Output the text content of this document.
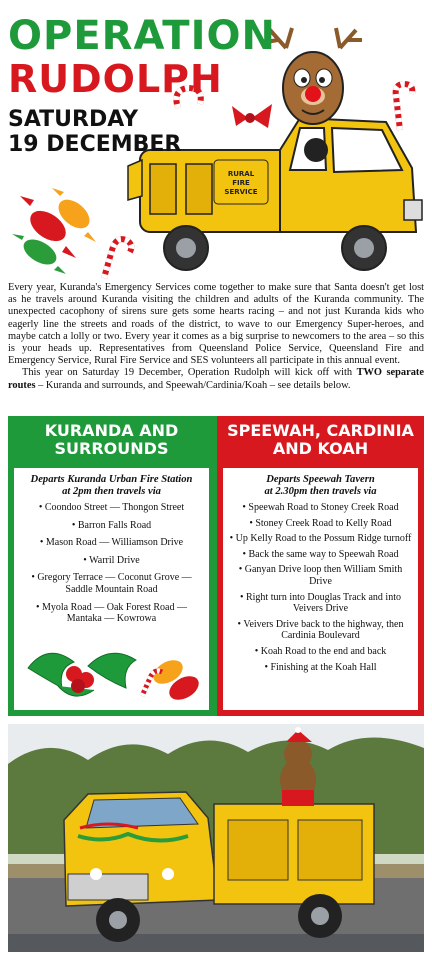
RURAL FIRE SERVICE
OPERATION
RUDOLPH
SATURDAY
19 DECEMBER

Every year, Kuranda's Emergency Services come together to make sure that Santa doesn't get lost as he travels around Kuranda visiting the children and adults of the Kuranda community. The unexpected cacophony of sirens sure gets some hearts racing – and not just Kuranda kids who eagerly line the streets and roads of the district, to wave to our Emergency Super-heroes, and maybe catch a lolly or two. Every year it comes as a big surprise to newcomers to the area – so this is your heads up. Representatives from Queensland Police Service, Queensland Fire and Emergency Service, Rural Fire Service and SES volunteers all participate in this annual event.

This year on Saturday 19 December, Operation Rudolph will kick off with TWO separate routes – Kuranda and surrounds, and Speewah/Cardinia/Koah – see details below.

KURANDA AND
SURROUNDS
Departs Kuranda Urban Fire Station
at 2pm then travels via
• Coondoo Street — Thongon Street
• Barron Falls Road
• Mason Road — Williamson Drive
• Warril Drive
• Gregory Terrace — Coconut Grove — Saddle Mountain Road
• Myola Road — Oak Forest Road — Mantaka — Kowrowa
SPEEWAH, CARDINIA
AND KOAH
Departs Speewah Tavern
at 2.30pm then travels via
• Speewah Road to Stoney Creek Road
• Stoney Creek Road to Kelly Road
• Up Kelly Road to the Possum Ridge turnoff
• Back the same way to Speewah Road
• Ganyan Drive loop then William Smith Drive
• Right turn into Douglas Track and into Veivers Drive
• Veivers Drive back to the highway, then Cardinia Boulevard
• Koah Road to the end and back
• Finishing at the Koah Hall
